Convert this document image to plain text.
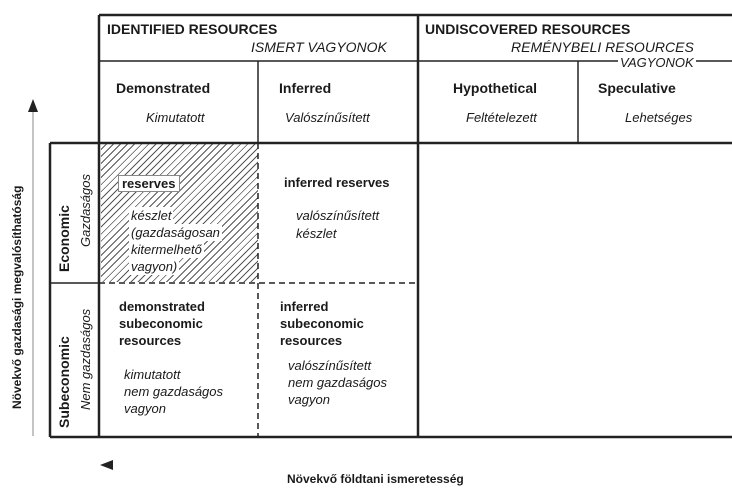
IDENTIFIED RESOURCES
ISMERT VAGYONOK
UNDISCOVERED RESOURCES
REMÉNYBELI RESOURCES
VAGYONOK
Demonstrated
Kimutatott
Inferred
Valószínűsített
Hypothetical
Feltételezett
Speculative
Lehetséges
Economic Gazdaságos
Subeconomic Nem gazdaságos
reserves
készlet
(gazdaságosan
kitermelhető
vagyon)
inferred reserves
valószínűsített
készlet
demonstrated
subeconomic
resources
kimutatott
nem gazdaságos
vagyon
inferred
subeconomic
resources
valószínűsített
nem gazdaságos
vagyon
Növekvő gazdasági megvalósíthatóság
Növekvő földtani ismeretesség
